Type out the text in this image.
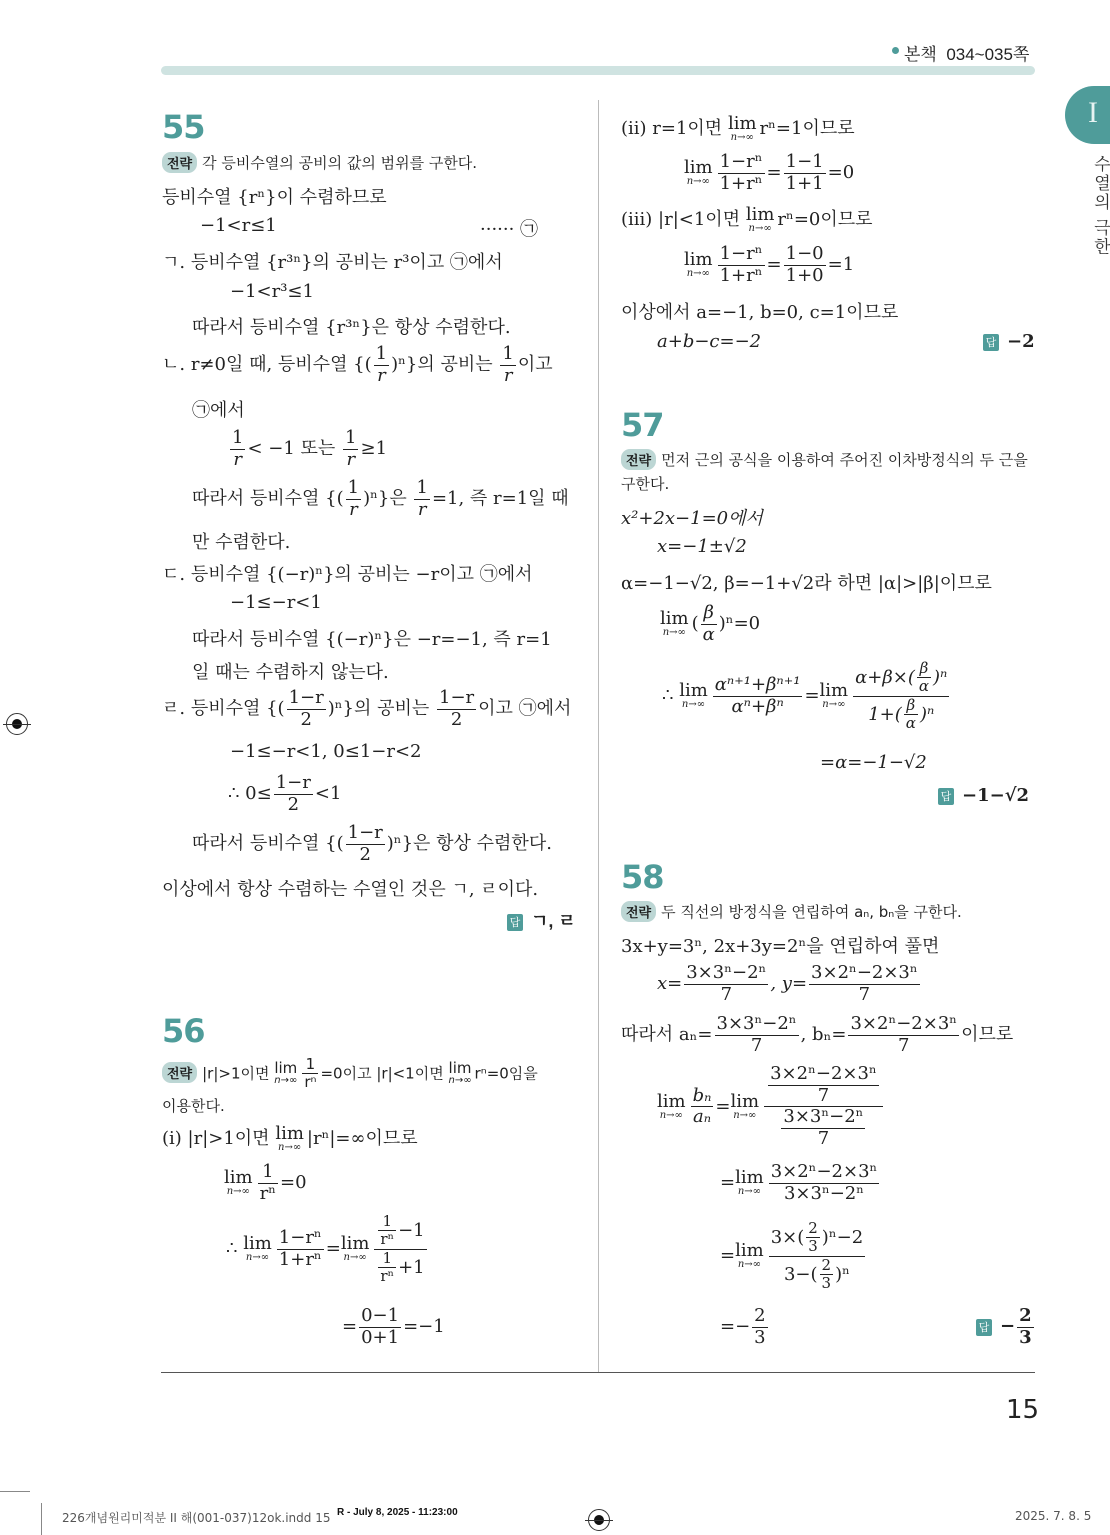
본책 034~035쪽
I
수열의 극한
55
전략 각 등비수열의 공비의 값의 범위를 구한다.
등비수열 {rⁿ}이 수렴하므로
−1<r≤1	······ ㉠
ㄱ. 등비수열 {r³ⁿ}의 공비는 r³이고 ㉠에서
−1<r³≤1
따라서 등비수열 {r³ⁿ}은 항상 수렴한다.
ㄴ. r≠0일 때, 등비수열 {( $\frac{1}{r} )^n$}의 공비는 $\frac{1}{r}$ 이고
㉠에서
$\frac{1}{r} < -1$ 또는 $\frac{1}{r} \ge 1$
따라서 등비수열 {( $\frac{1}{r} )^n$}은 $\frac{1}{r} =1$, 즉 r=1일 때
만 수렴한다.
ㄷ. 등비수열 {(−r)ⁿ}의 공비는 −r이고 ㉠에서
−1≤−r<1
따라서 등비수열 {(−r)ⁿ}은 −r=−1, 즉 r=1
일 때는 수렴하지 않는다.
ㄹ. 등비수열 {( $\frac{1-r}{2} )^n$}의 공비는 $\frac{1-r}{2}$ 이고 ㉠에서
−1≤−r<1, 0≤1−r<2
∴ $0\le \frac{1-r}{2} <1$
따라서 등비수열 {( $\frac{1-r}{2} )^n$}은 항상 수렴한다.
이상에서 항상 수렴하는 수열인 것은 ㄱ, ㄹ이다.
답 ㄱ, ㄹ
56
전략 |r|>1이면 lim
$n\to\infty \frac{1}{\text{rⁿ}} =0$이고 |r|<1이면 lim
n→∞ rⁿ=0임을
이용한다.
(i) |r|>1이면 lim
n→∞ |rⁿ|=∞이므로
lim
$n\to\infty \frac{1}{\text{rⁿ}} =0$
∴ lim
$n\to\infty \frac{\text{1−rⁿ}}{\text{1+rⁿ}} =\lim$
$n\to\infty \frac{\frac{1}{\text{rⁿ}} -1}{\frac{1}{\text{rⁿ}} +1}$
= $\frac{0-1}{0+1} =-1$
(ii) r=1이면 lim
n→∞ rⁿ=1이므로
lim
$n\to\infty \frac{\text{1−rⁿ}}{\text{1+rⁿ}} = \frac{1-1}{1+1} =0$
(iii) |r|<1이면 lim
n→∞ rⁿ=0이므로
lim
$n\to\infty \frac{\text{1−rⁿ}}{\text{1+rⁿ}} = \frac{1-0}{1+0} =1$
이상에서 a=−1, b=0, c=1이므로
a+b−c=−2	답 −2
57
전략 먼저 근의 공식을 이용하여 주어진 이차방정식의 두 근을
구한다.
x²+2x−1=0에서
x=−1±√2
α=−1−√2, β=−1+√2라 하면 |α|>|β|이므로
lim
n→∞ ( $\frac{\beta}{\alpha} )^n=0$
∴ lim
$n\to\infty \frac{\text{αⁿ⁺¹+βⁿ⁺¹}}{\text{αⁿ+βⁿ}} =\lim$
$n\to\infty \frac{\alpha+\beta\times( \frac{\beta}{\alpha} )^n}{1+( \frac{\beta}{\alpha} )^n}$
=α=−1−√2
답 −1−√2
58
전략 두 직선의 방정식을 연립하여 aₙ, bₙ을 구한다.
3x+y=3ⁿ, 2x+3y=2ⁿ을 연립하여 풀면
$x= \frac{\text{3×3ⁿ−2ⁿ}}{7}$ , $y= \frac{\text{3×2ⁿ−2×3ⁿ}}{7}$
따라서 $a_n= \frac{\text{3×3ⁿ−2ⁿ}}{7}$ , $b_n= \frac{\text{3×2ⁿ−2×3ⁿ}}{7}$ 이므로
lim
$n\to\infty \frac{\text{bₙ}}{\text{aₙ}} =\lim$
$n\to\infty \frac{\frac{\text{3×2ⁿ−2×3ⁿ}}{7}}{\frac{\text{3×3ⁿ−2ⁿ}}{7}}$
=lim
$n\to\infty \frac{\text{3×2ⁿ−2×3ⁿ}}{\text{3×3ⁿ−2ⁿ}}$
=lim
$n\to\infty \frac{3\times( \frac{2}{3} )^n-2}{3-( \frac{2}{3} )^n}$
=− $\frac{2}{3}$	답 − $\frac{2}{3}$
15
226개념원리미적분 II 해(001-037)12ok.indd 15 R - July 8, 2025 - 11:23:00	2025. 7. 8. 5
